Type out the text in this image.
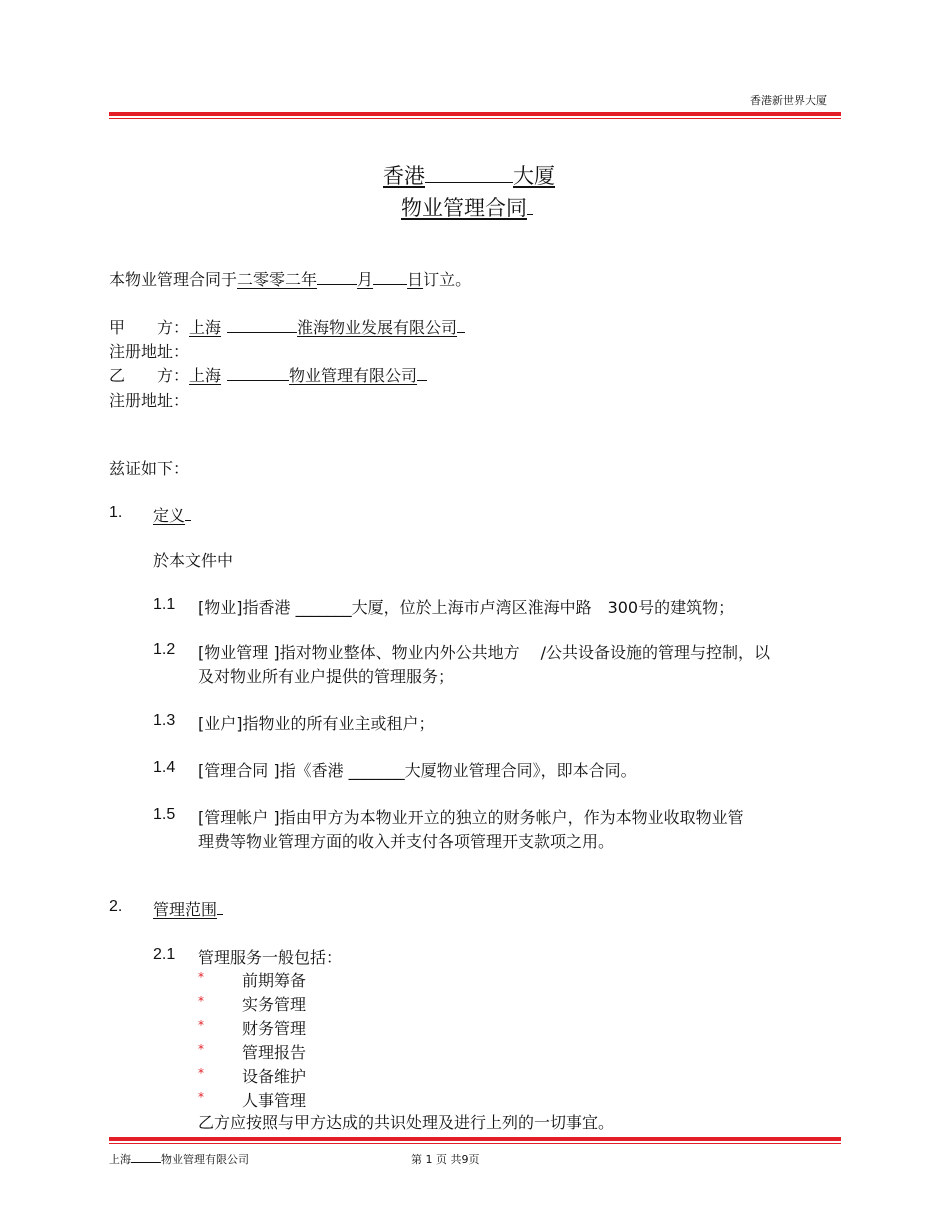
香港新世界大厦
香港	大厦
物业管理合同
本物业管理合同于二零零二年	月 日订立。
甲　　方：上海	淮海物业发展有限公司
注册地址：
乙　　方：上海	物业管理有限公司
注册地址：
兹证如下：
1. 定义
於本文件中
1.1 [物业]指香港 _______大厦，位於上海市卢湾区淮海中路　300号的建筑物；
1.2 [物业管理 ]指对物业整体、物业内外公共地方　 /公共设备设施的管理与控制，以
及对物业所有业户提供的管理服务；
1.3 [业户]指物业的所有业主或租户；
1.4 [管理合同 ]指《香港 _______大厦物业管理合同》，即本合同。
1.5 [管理帐户 ]指由甲方为本物业开立的独立的财务帐户，作为本物业收取物业管
理费等物业管理方面的收入并支付各项管理开支款项之用。
2. 管理范围
2.1 管理服务一般包括：
* 前期筹备
* 实务管理
* 财务管理
* 管理报告
* 设备维护
* 人事管理
乙方应按照与甲方达成的共识处理及进行上列的一切事宜。
上海	物业管理有限公司	第 1 页 共9页
